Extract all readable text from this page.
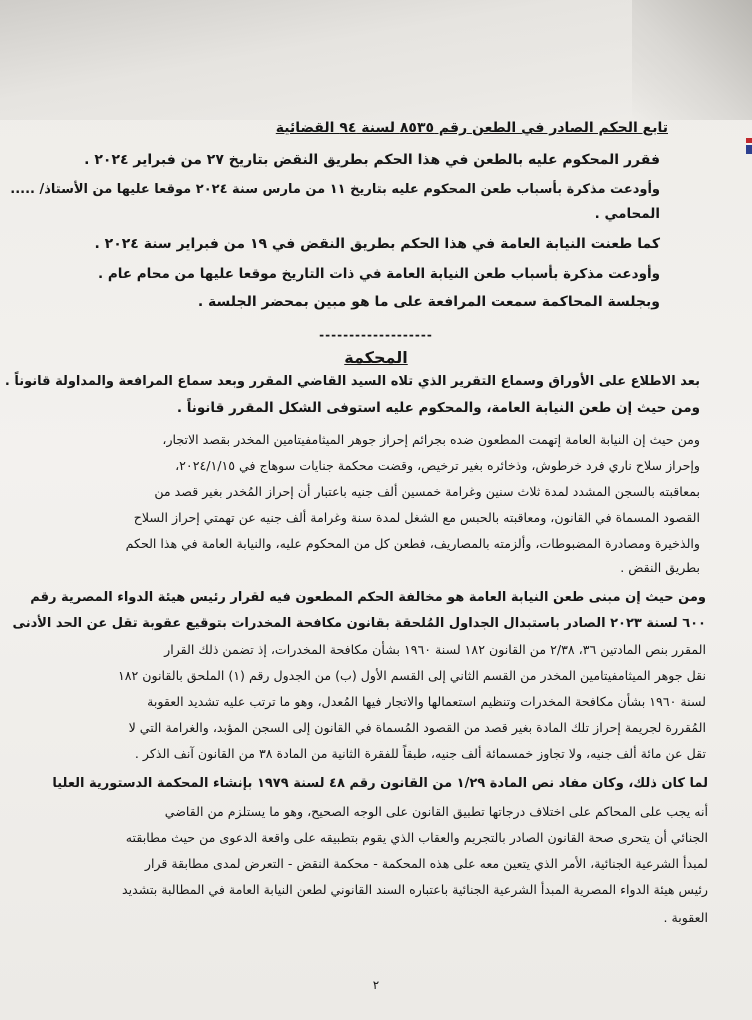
تابع الحكم الصادر في الطعن رقم ٨٥٣٥ لسنة ٩٤ القضائية

فقرر المحكوم عليه بالطعن في هذا الحكم بطريق النقض بتاريخ ٢٧ من فبراير ٢٠٢٤ .

وأودعت مذكرة بأسباب طعن المحكوم عليه بتاريخ ١١ من مارس سنة ٢٠٢٤ موقعا عليها من الأستاذ/ .....

المحامي .

كما طعنت النيابة العامة في هذا الحكم بطريق النقض في ١٩ من فبراير سنة ٢٠٢٤ .

وأودعت مذكرة بأسباب طعن النيابة العامة في ذات التاريخ موقعا عليها من محام عام .

وبجلسة المحاكمة سمعت المرافعة على ما هو مبين بمحضر الجلسة .

-------------------

المحكمة

بعد الاطلاع على الأوراق وسماع التقرير الذي تلاه السيد القاضي المقرر وبعد سماع المرافعة والمداولة قانوناً .

ومن حيث إن طعن النيابة العامة، والمحكوم عليه استوفى الشكل المقرر قانوناً .

ومن حيث إن النيابة العامة إتهمت المطعون ضده بجرائم إحراز جوهر الميثامفيتامين المخدر بقصد الاتجار،

وإحراز سلاح ناري فرد خرطوش، وذخائره بغير ترخيص، وقضت محكمة جنايات سوهاج في ٢٠٢٤/١/١٥،

بمعاقبته بالسجن المشدد لمدة ثلاث سنين وغرامة خمسين ألف جنيه باعتبار أن إحراز المُخدر بغير قصد من

القصود المسماة في القانون، ومعاقبته بالحبس مع الشغل لمدة سنة وغرامة ألف جنيه عن تهمتي إحراز السلاح

والذخيرة ومصادرة المضبوطات، وألزمته بالمصاريف، فطعن كل من المحكوم عليه، والنيابة العامة في هذا الحكم

بطريق النقض .

ومن حيث إن مبنى طعن النيابة العامة هو مخالفة الحكم المطعون فيه لقرار رئيس هيئة الدواء المصرية رقم

٦٠٠ لسنة ٢٠٢٣ الصادر باستبدال الجداول المُلحقة بقانون مكافحة المخدرات بتوقيع عقوبة تقل عن الحد الأدنى

المقرر بنص المادتين ٣٦، ٢/٣٨ من القانون ١٨٢ لسنة ١٩٦٠ بشأن مكافحة المخدرات، إذ تضمن ذلك القرار

نقل جوهر الميثامفيتامين المخدر من القسم الثاني إلى القسم الأول (ب) من الجدول رقم (١) الملحق بالقانون ١٨٢

لسنة ١٩٦٠ بشأن مكافحة المخدرات وتنظيم استعمالها والاتجار فيها المُعدل، وهو ما ترتب عليه تشديد العقوبة

المُقررة لجريمة إحراز تلك المادة بغير قصد من القصود المُسماة في القانون إلى السجن المؤبد، والغرامة التي لا

تقل عن مائة ألف جنيه، ولا تجاوز خمسمائة ألف جنيه، طبقاً للفقرة الثانية من المادة ٣٨ من القانون آنف الذكر .

لما كان ذلك، وكان مفاد نص المادة ١/٢٩ من القانون رقم ٤٨ لسنة ١٩٧٩ بإنشاء المحكمة الدستورية العليا

أنه يجب على المحاكم على اختلاف درجاتها تطبيق القانون على الوجه الصحيح، وهو ما يستلزم من القاضي

الجنائي أن يتحرى صحة القانون الصادر بالتجريم والعقاب الذي يقوم بتطبيقه على واقعة الدعوى من حيث مطابقته

لمبدأ الشرعية الجنائية، الأمر الذي يتعين معه على هذه المحكمة - محكمة النقض - التعرض لمدى مطابقة قرار

رئيس هيئة الدواء المصرية المبدأ الشرعية الجنائية باعتباره السند القانوني لطعن النيابة العامة في المطالبة بتشديد

العقوبة .

٢
